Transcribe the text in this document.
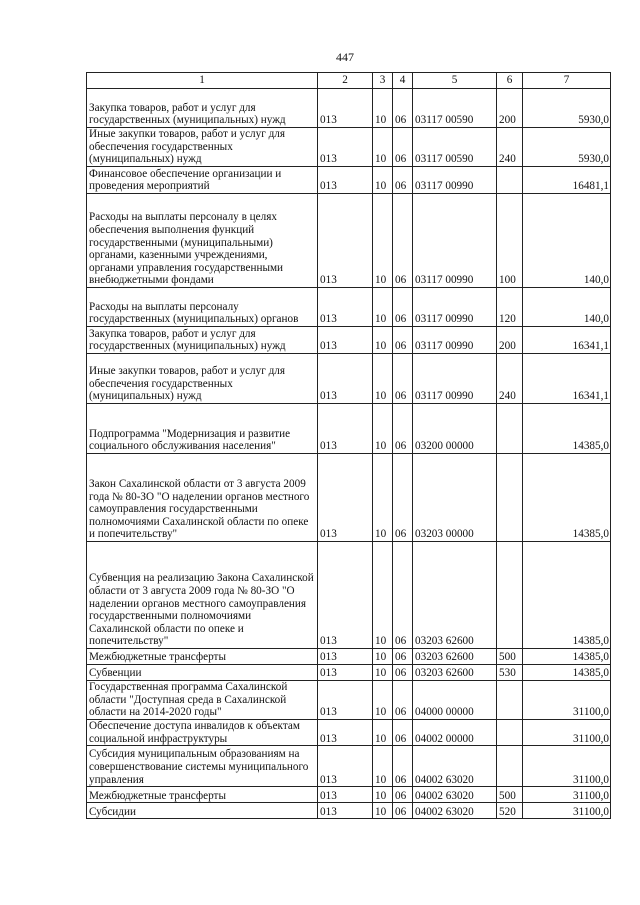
447
1	2	3	4	5	6	7
Закупка товаров, работ и услуг для государственных (муниципальных) нужд	013	10	06	03117 00590	200	5930,0
Иные закупки товаров, работ и услуг для обеспечения государственных (муниципальных) нужд	013	10	06	03117 00590	240	5930,0
Финансовое обеспечение организации и проведения мероприятий	013	10	06	03117 00990		16481,1
Расходы на выплаты персоналу в целях обеспечения выполнения функций государственными (муниципальными) органами, казенными учреждениями, органами управления государственными внебюджетными фондами	013	10	06	03117 00990	100	140,0
Расходы на выплаты персоналу государственных (муниципальных) органов	013	10	06	03117 00990	120	140,0
Закупка товаров, работ и услуг для государственных (муниципальных) нужд	013	10	06	03117 00990	200	16341,1
Иные закупки товаров, работ и услуг для обеспечения государственных (муниципальных) нужд	013	10	06	03117 00990	240	16341,1
Подпрограмма "Модернизация и развитие социального обслуживания населения"	013	10	06	03200 00000		14385,0
Закон Сахалинской области от 3 августа 2009 года № 80-ЗО "О наделении органов местного самоуправления государственными полномочиями Сахалинской области по опеке и попечительству"	013	10	06	03203 00000		14385,0
Субвенция на реализацию Закона Сахалинской области от 3 августа 2009 года № 80-ЗО "О наделении органов местного самоуправления государственными полномочиями Сахалинской области по опеке и попечительству"	013	10	06	03203 62600		14385,0
Межбюджетные трансферты	013	10	06	03203 62600	500	14385,0
Субвенции	013	10	06	03203 62600	530	14385,0
Государственная программа Сахалинской области "Доступная среда в Сахалинской области на 2014-2020 годы"	013	10	06	04000 00000		31100,0
Обеспечение доступа инвалидов к объектам социальной инфраструктуры	013	10	06	04002 00000		31100,0
Субсидия муниципальным образованиям на совершенствование системы муниципального управления	013	10	06	04002 63020		31100,0
Межбюджетные трансферты	013	10	06	04002 63020	500	31100,0
Субсидии	013	10	06	04002 63020	520	31100,0
